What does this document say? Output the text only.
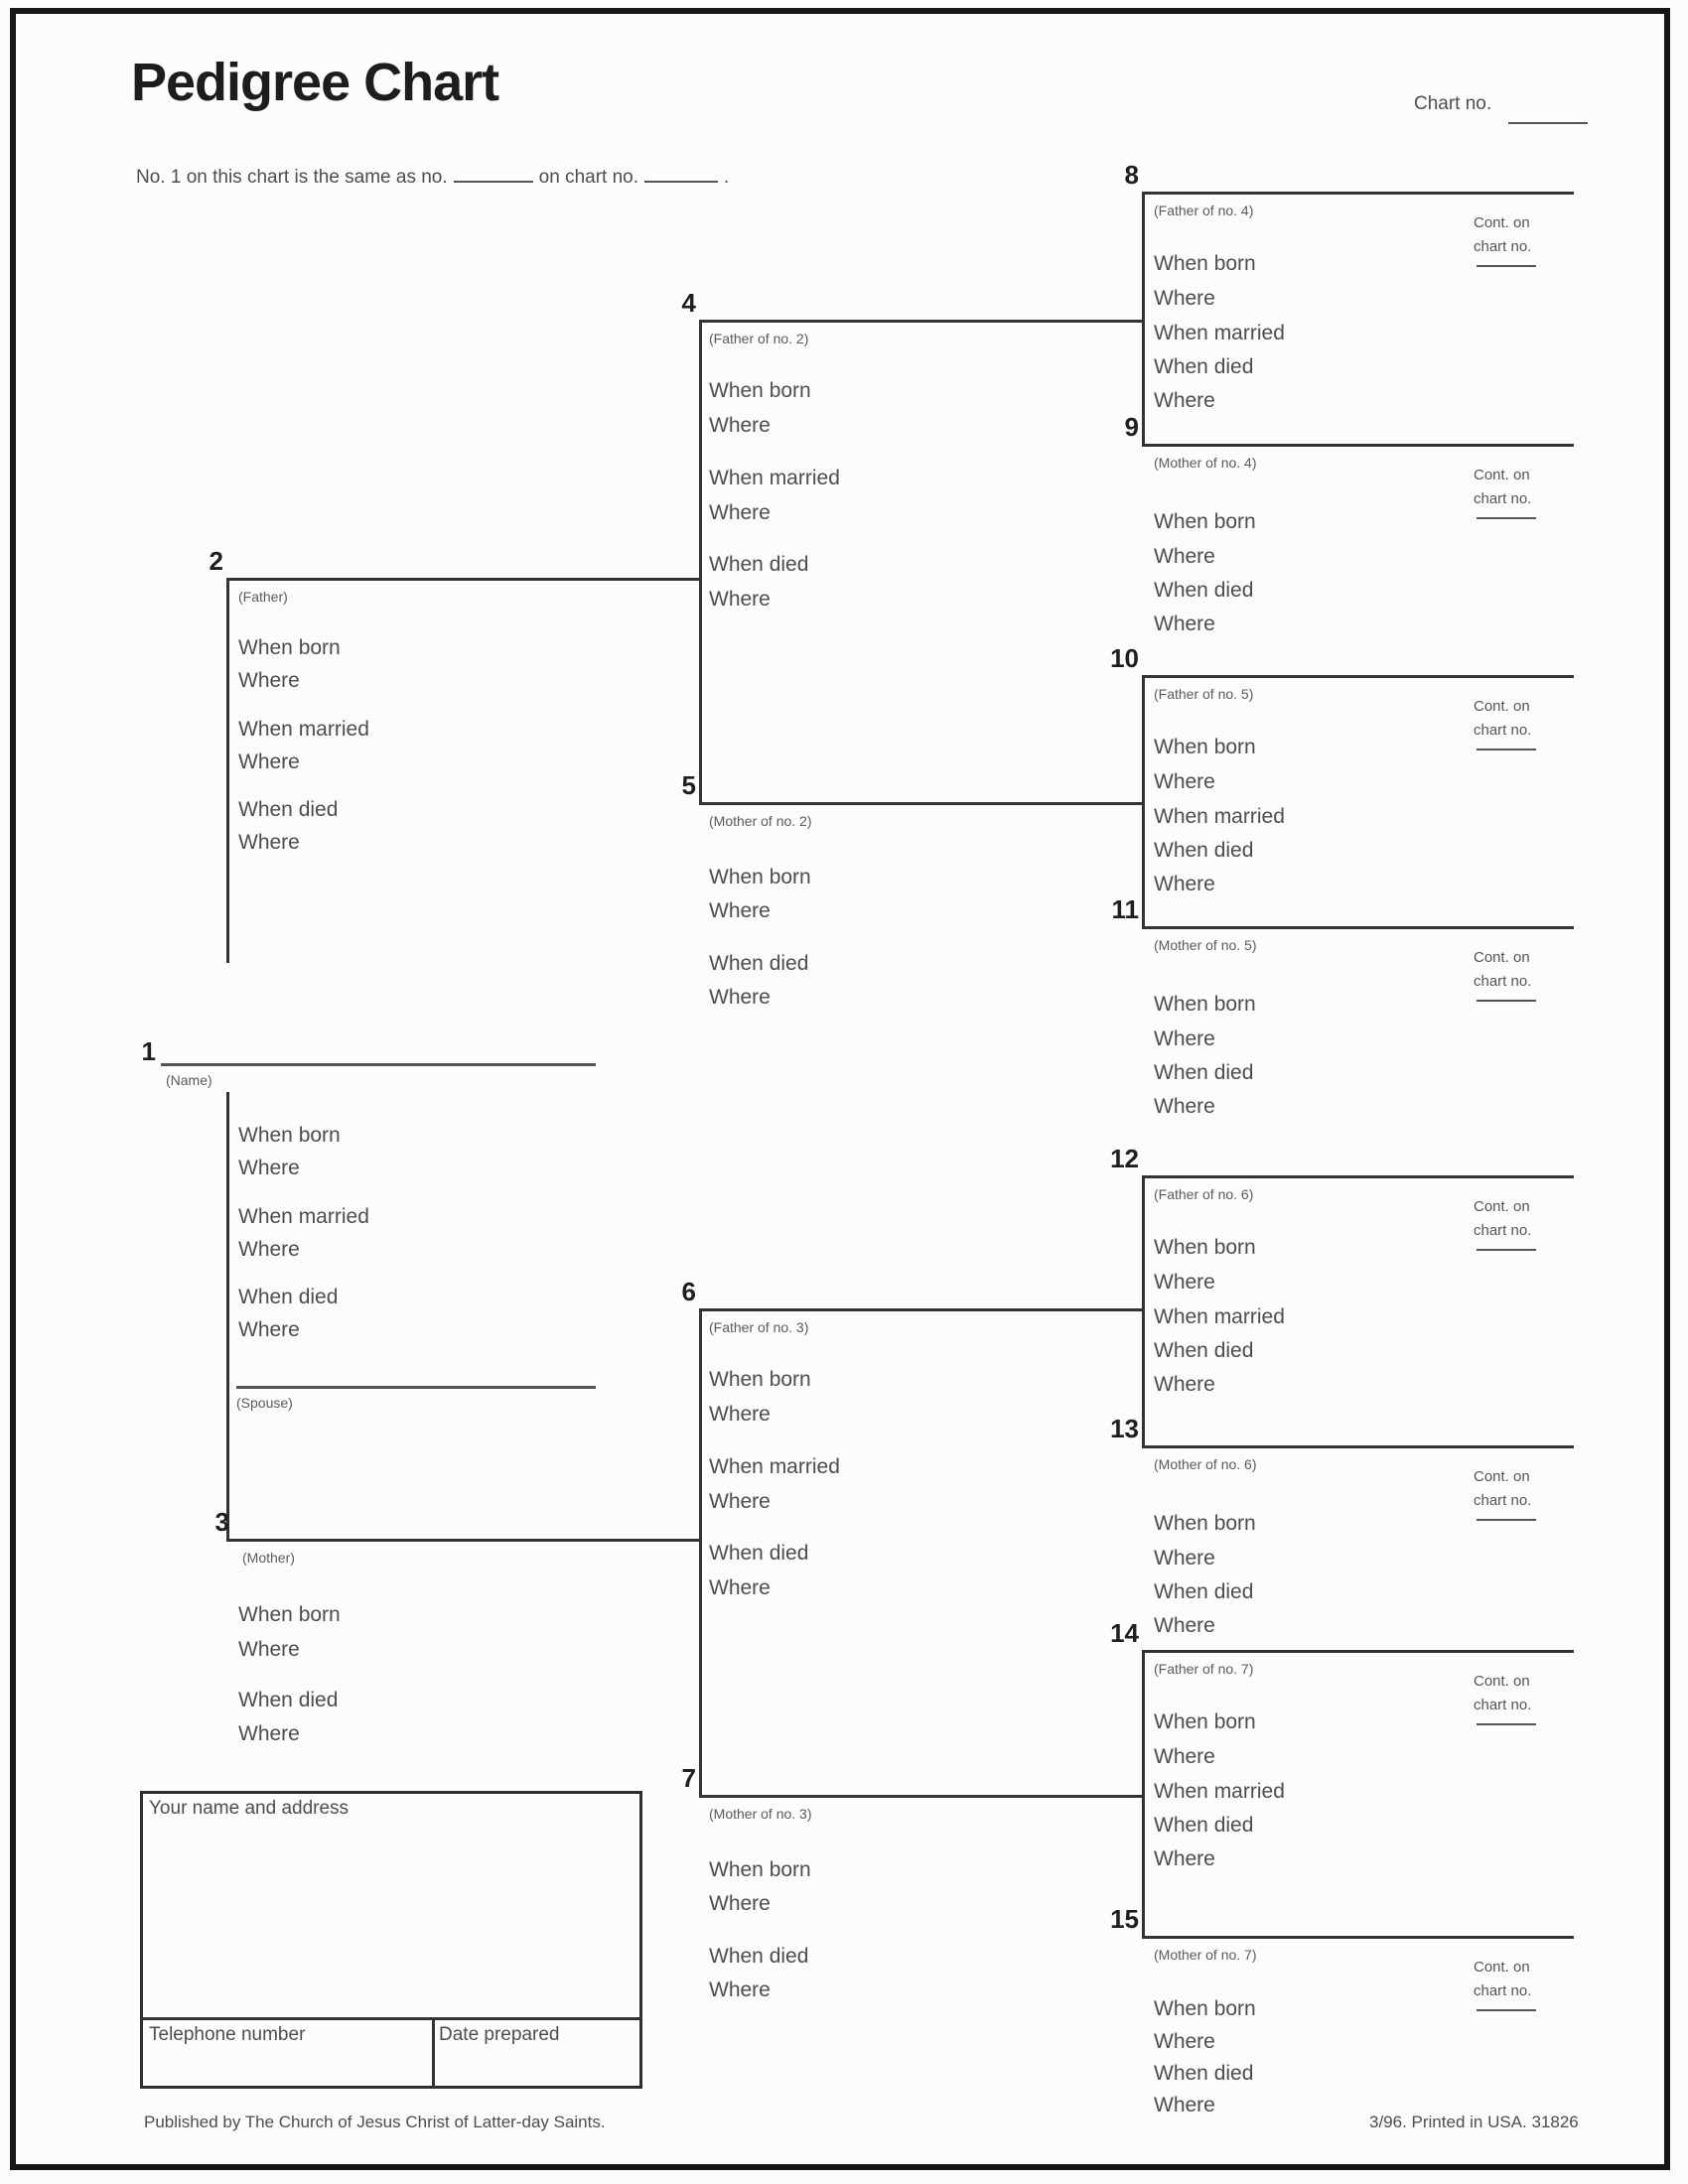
Pedigree Chart	Chart no.
No. 1 on this chart is the same as no.	on chart no.	.
1
(Name)
When born
Where
When married
Where
When died
Where
(Spouse)
2
(Father)
When born
Where
When married
Where
When died
Where
3
(Mother)
When born
Where
When died
Where
4
(Father of no. 2)
When born
Where
When married
Where
When died
Where
5
(Mother of no. 2)
When born
Where
When died
Where
6
(Father of no. 3)
When born
Where
When married
Where
When died
Where
7
(Mother of no. 3)
When born
Where
When died
Where
8
(Father of no. 4)
Cont. on
chart no.
When born
Where
When married
When died
Where
9
(Mother of no. 4)
Cont. on
chart no.
When born
Where
When died
Where
10
(Father of no. 5)
Cont. on
chart no.
When born
Where
When married
When died
Where
11
(Mother of no. 5)
Cont. on
chart no.
When born
Where
When died
Where
12
(Father of no. 6)
Cont. on
chart no.
When born
Where
When married
When died
Where
13
(Mother of no. 6)
Cont. on
chart no.
When born
Where
When died
Where
14
(Father of no. 7)
Cont. on
chart no.
When born
Where
When married
When died
Where
15
(Mother of no. 7)
Cont. on
chart no.
When born
Where
When died
Where
Your name and address
Telephone number	Date prepared
Published by The Church of Jesus Christ of Latter-day Saints.	3/96. Printed in USA. 31826
